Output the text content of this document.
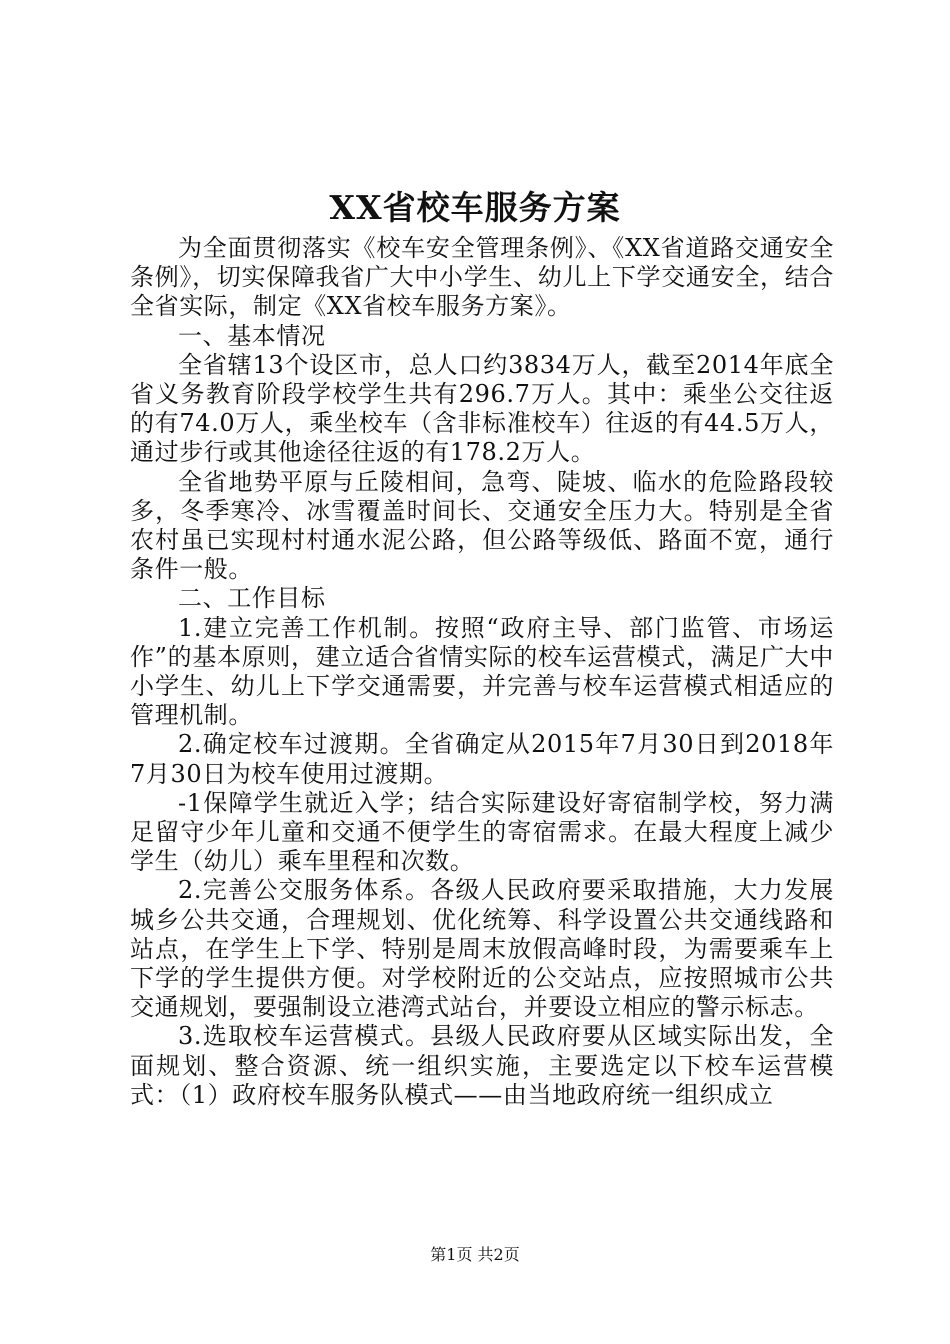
XX省校车服务方案

为全面贯彻落实《校车安全管理条例》、《XX省道路交通安全条例》，切实保障我省广大中小学生、幼儿上下学交通安全，结合全省实际，制定《XX省校车服务方案》。

一、基本情况

全省辖13个设区市，总人口约3834万人，截至2014年底全省义务教育阶段学校学生共有296.7万人。其中：乘坐公交往返的有74.0万人，乘坐校车（含非标准校车）往返的有44.5万人，通过步行或其他途径往返的有178.2万人。

全省地势平原与丘陵相间，急弯、陡坡、临水的危险路段较多，冬季寒冷、冰雪覆盖时间长、交通安全压力大。特别是全省农村虽已实现村村通水泥公路，但公路等级低、路面不宽，通行条件一般。

二、工作目标

1.建立完善工作机制。按照“政府主导、部门监管、市场运作”的基本原则，建立适合省情实际的校车运营模式，满足广大中小学生、幼儿上下学交通需要，并完善与校车运营模式相适应的管理机制。

2.确定校车过渡期。全省确定从2015年7月30日到2018年7月30日为校车使用过渡期。

-1保障学生就近入学；结合实际建设好寄宿制学校，努力满足留守少年儿童和交通不便学生的寄宿需求。在最大程度上减少学生（幼儿）乘车里程和次数。

2.完善公交服务体系。各级人民政府要采取措施，大力发展城乡公共交通，合理规划、优化统筹、科学设置公共交通线路和站点，在学生上下学、特别是周末放假高峰时段，为需要乘车上下学的学生提供方便。对学校附近的公交站点，应按照城市公共交通规划，要强制设立港湾式站台，并要设立相应的警示标志。

3.选取校车运营模式。县级人民政府要从区域实际出发，全面规划、整合资源、统一组织实施，主要选定以下校车运营模式：（1）政府校车服务队模式——由当地政府统一组织成立

第1页 共2页
